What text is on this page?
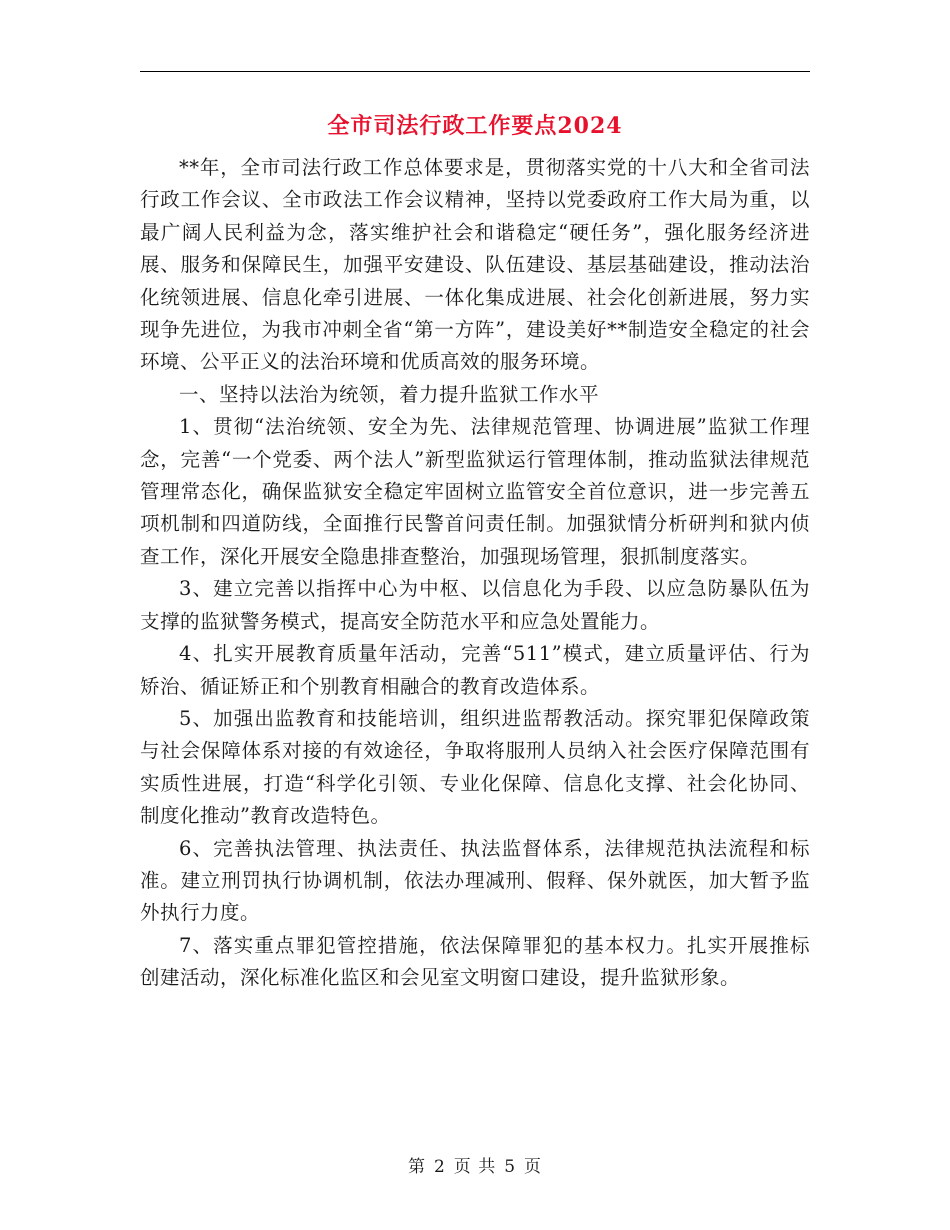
全市司法行政工作要点2024

**年，全市司法行政工作总体要求是，贯彻落实党的十八大和全省司法行政工作会议、全市政法工作会议精神，坚持以党委政府工作大局为重，以最广阔人民利益为念，落实维护社会和谐稳定“硬任务”，强化服务经济进展、服务和保障民生，加强平安建设、队伍建设、基层基础建设，推动法治化统领进展、信息化牵引进展、一体化集成进展、社会化创新进展，努力实现争先进位，为我市冲刺全省“第一方阵”，建设美好**制造安全稳定的社会环境、公平正义的法治环境和优质高效的服务环境。

一、坚持以法治为统领，着力提升监狱工作水平

1、贯彻“法治统领、安全为先、法律规范管理、协调进展”监狱工作理念，完善“一个党委、两个法人”新型监狱运行管理体制，推动监狱法律规范管理常态化，确保监狱安全稳定牢固树立监管安全首位意识，进一步完善五项机制和四道防线，全面推行民警首问责任制。加强狱情分析研判和狱内侦查工作，深化开展安全隐患排查整治，加强现场管理，狠抓制度落实。

3、建立完善以指挥中心为中枢、以信息化为手段、以应急防暴队伍为支撑的监狱警务模式，提高安全防范水平和应急处置能力。

4、扎实开展教育质量年活动，完善“511”模式，建立质量评估、行为矫治、循证矫正和个别教育相融合的教育改造体系。

5、加强出监教育和技能培训，组织进监帮教活动。探究罪犯保障政策与社会保障体系对接的有效途径，争取将服刑人员纳入社会医疗保障范围有实质性进展，打造“科学化引领、专业化保障、信息化支撑、社会化协同、制度化推动”教育改造特色。

6、完善执法管理、执法责任、执法监督体系，法律规范执法流程和标准。建立刑罚执行协调机制，依法办理减刑、假释、保外就医，加大暂予监外执行力度。

7、落实重点罪犯管控措施，依法保障罪犯的基本权力。扎实开展推标创建活动，深化标准化监区和会见室文明窗口建设，提升监狱形象。

第 2 页 共 5 页
